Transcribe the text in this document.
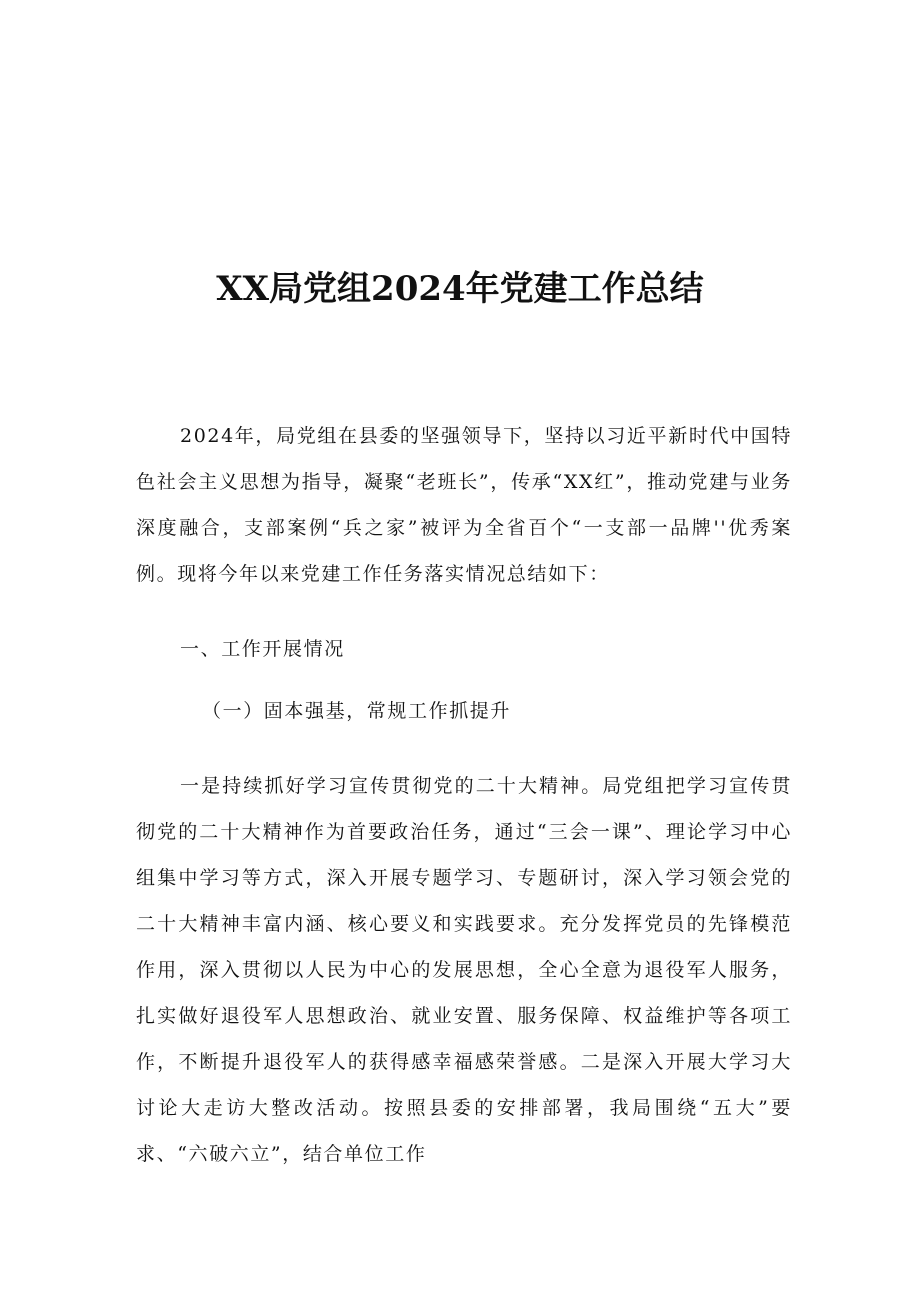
XX局党组2024年党建工作总结
2024年，局党组在县委的坚强领导下，坚持以习近平新时代中国特色社会主义思想为指导，凝聚“老班长”，传承“XX红”，推动党建与业务深度融合，支部案例“兵之家”被评为全省百个“一支部一品牌''优秀案例。现将今年以来党建工作任务落实情况总结如下：
一、工作开展情况
（一）固本强基，常规工作抓提升
一是持续抓好学习宣传贯彻党的二十大精神。局党组把学习宣传贯彻党的二十大精神作为首要政治任务，通过“三会一课”、理论学习中心组集中学习等方式，深入开展专题学习、专题研讨，深入学习领会党的二十大精神丰富内涵、核心要义和实践要求。充分发挥党员的先锋模范作用，深入贯彻以人民为中心的发展思想，全心全意为退役军人服务，扎实做好退役军人思想政治、就业安置、服务保障、权益维护等各项工作，不断提升退役军人的获得感幸福感荣誉感。二是深入开展大学习大讨论大走访大整改活动。按照县委的安排部署，我局围绕“五大”要求、“六破六立”，结合单位工作
